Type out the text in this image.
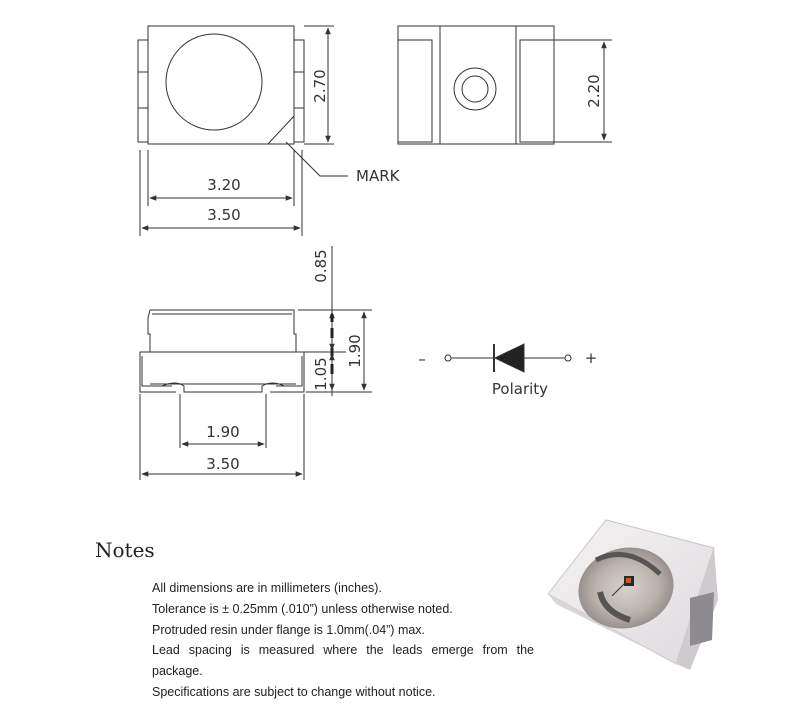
2.70
3.20
3.50
MARK
2.20
0.85
1.05
1.90
1.90
3.50
–	+
Polarity
Notes

All dimensions are in millimeters (inches).

Tolerance is ± 0.25mm (.010”) unless otherwise noted.

Protruded resin under flange is 1.0mm(.04”) max.

Lead spacing is measured where the leads emerge from the package.

Specifications are subject to change without notice.
